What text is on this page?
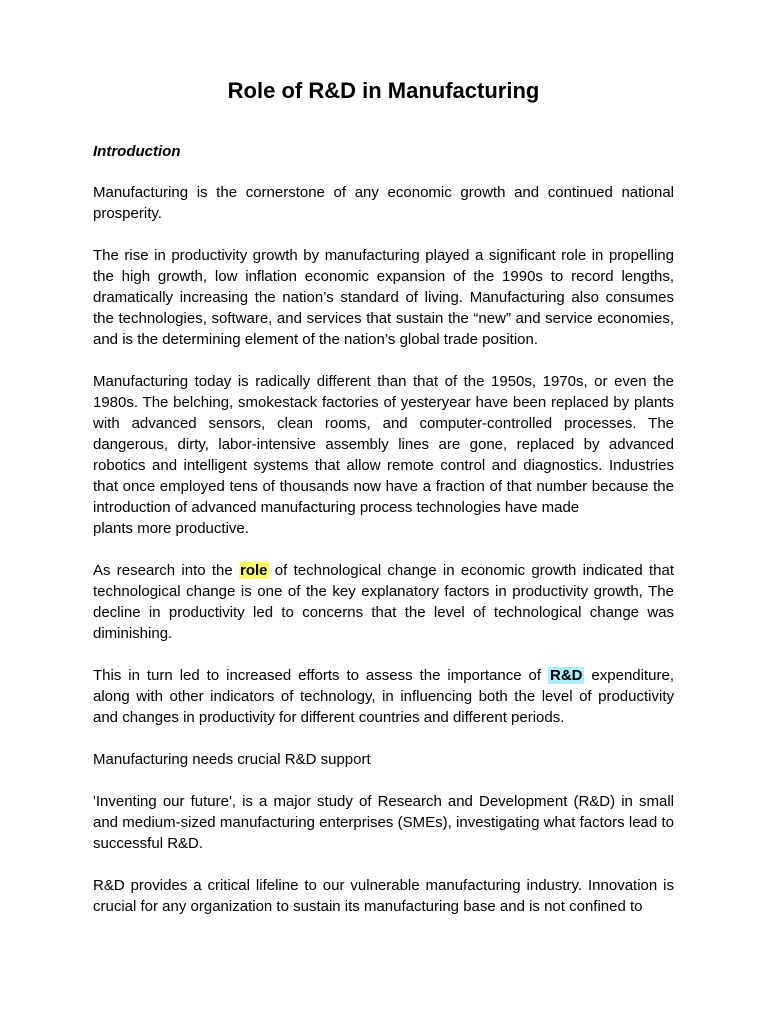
Role of R&D in Manufacturing
Introduction

Manufacturing is the cornerstone of any economic growth and continued national prosperity.

The rise in productivity growth by manufacturing played a significant role in propelling the high growth, low inflation economic expansion of the 1990s to record lengths, dramatically increasing the nation’s standard of living. Manufacturing also consumes the technologies, software, and services that sustain the “new” and service economies, and is the determining element of the nation’s global trade position.

Manufacturing today is radically different than that of the 1950s, 1970s, or even the 1980s. The belching, smokestack factories of yesteryear have been replaced by plants with advanced sensors, clean rooms, and computer-controlled processes. The dangerous, dirty, labor-intensive assembly lines are gone, replaced by advanced robotics and intelligent systems that allow remote control and diagnostics. Industries that once employed tens of thousands now have a fraction of that number because the introduction of advanced manufacturing process technologies have made

plants more productive.

As research into the role of technological change in economic growth indicated that technological change is one of the key explanatory factors in productivity growth, The decline in productivity led to concerns that the level of technological change was diminishing.

This in turn led to increased efforts to assess the importance of R&D expenditure, along with other indicators of technology, in influencing both the level of productivity and changes in productivity for different countries and different periods.

Manufacturing needs crucial R&D support

'Inventing our future', is a major study of Research and Development (R&D) in small and medium-sized manufacturing enterprises (SMEs), investigating what factors lead to successful R&D.

R&D provides a critical lifeline to our vulnerable manufacturing industry. Innovation is crucial for any organization to sustain its manufacturing base and is not confined to
